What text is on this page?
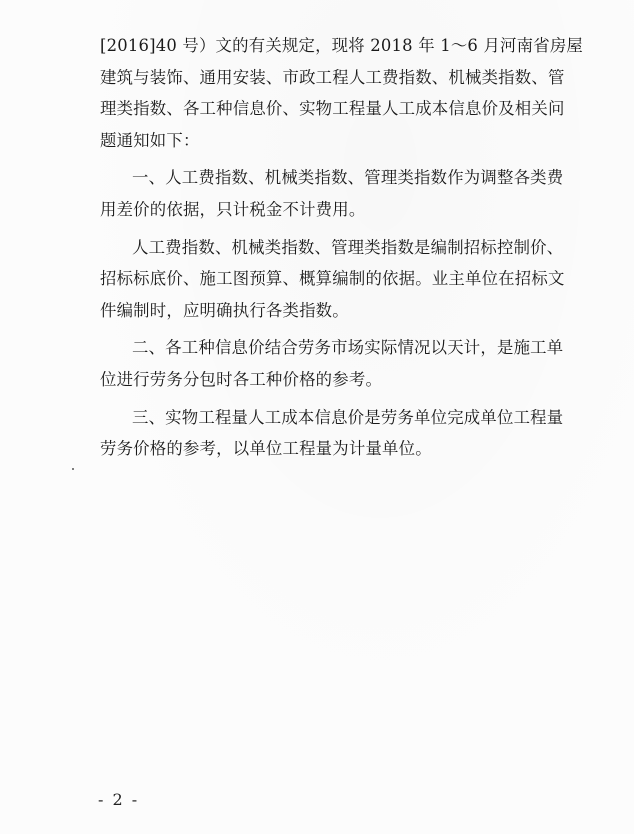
[2016]40 号）文的有关规定，现将 2018 年 1～6 月河南省房屋
建筑与装饰、通用安装、市政工程人工费指数、机械类指数、管
理类指数、各工种信息价、实物工程量人工成本信息价及相关问
题通知如下：
一、人工费指数、机械类指数、管理类指数作为调整各类费
用差价的依据，只计税金不计费用。
人工费指数、机械类指数、管理类指数是编制招标控制价、
招标标底价、施工图预算、概算编制的依据。业主单位在招标文
件编制时，应明确执行各类指数。
二、各工种信息价结合劳务市场实际情况以天计，是施工单
位进行劳务分包时各工种价格的参考。
三、实物工程量人工成本信息价是劳务单位完成单位工程量
劳务价格的参考，以单位工程量为计量单位。
- 2 -
